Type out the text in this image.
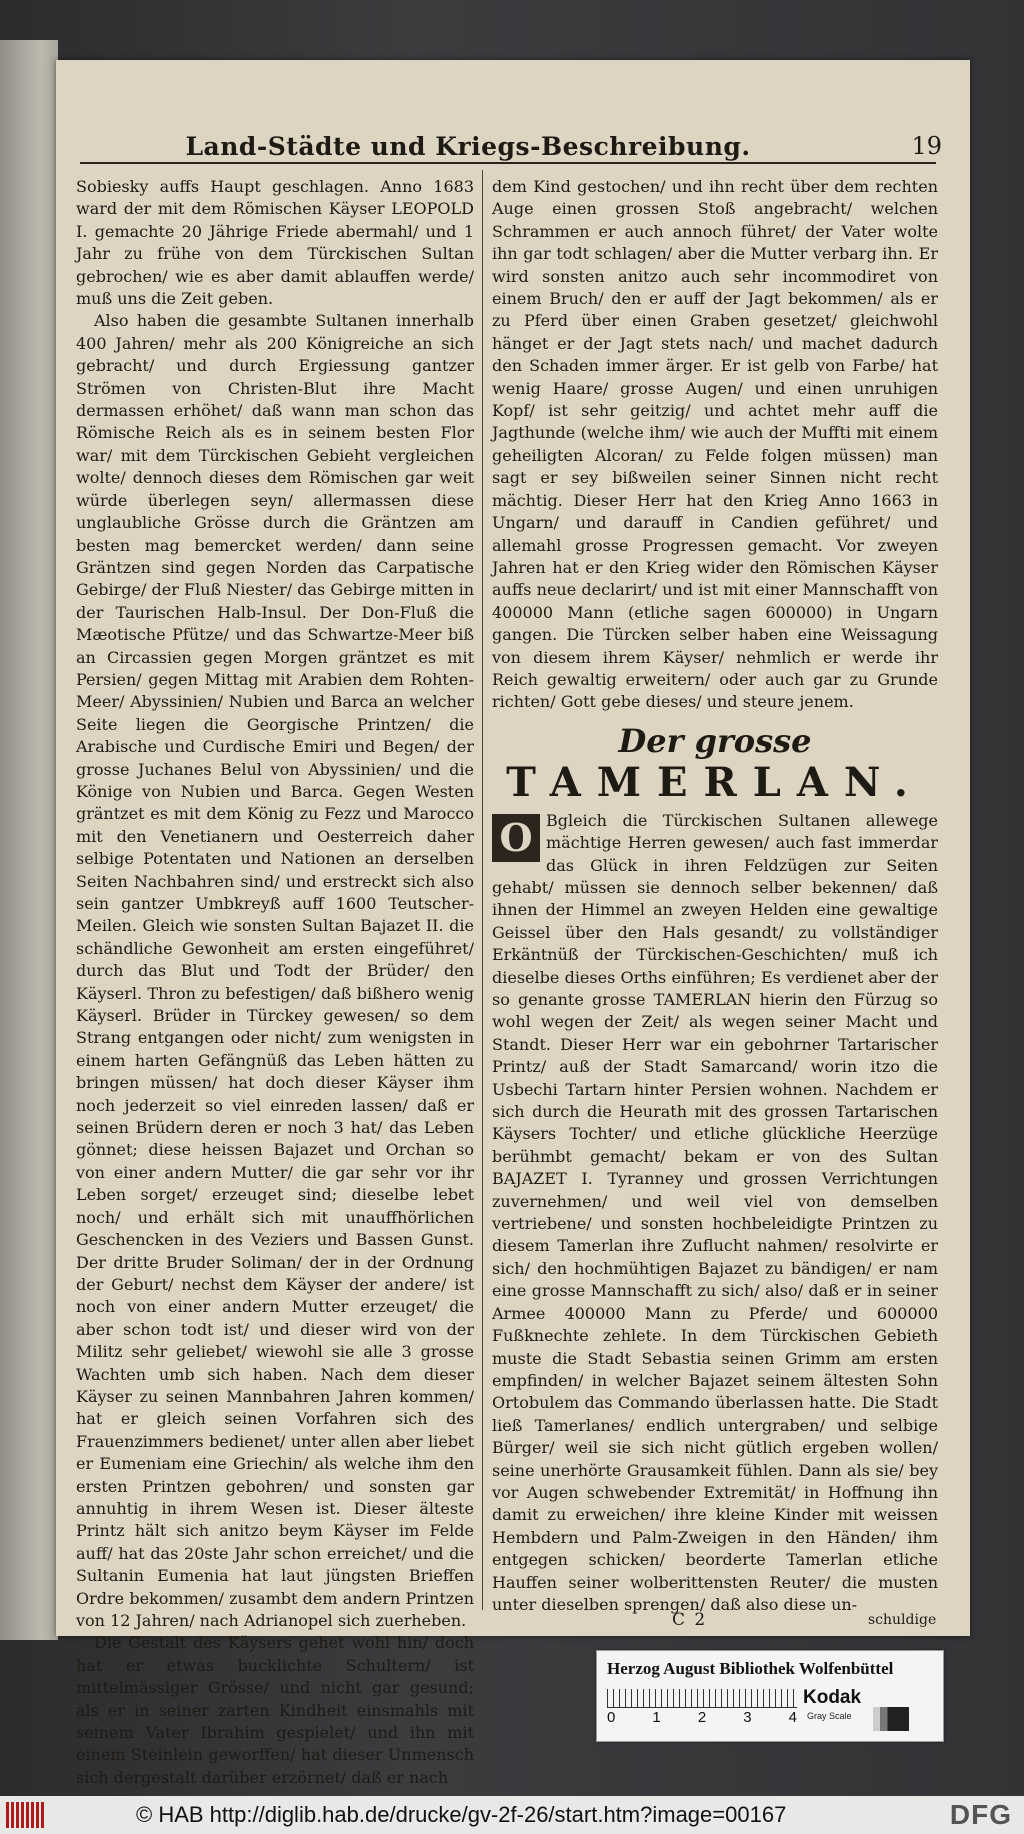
Land-Städte und Kriegs-Beschreibung.	19

Sobiesky auffs Haupt geschlagen. Anno 1683 ward der mit dem Römischen Käyser LEOPOLD I. gemachte 20 Jährige Friede abermahl/ und 1 Jahr zu frühe von dem Türckischen Sultan gebrochen/ wie es aber damit ablauffen werde/ muß uns die Zeit geben.

Also haben die gesambte Sultanen innerhalb 400 Jahren/ mehr als 200 Königreiche an sich gebracht/ und durch Ergiessung gantzer Strömen von Christen-Blut ihre Macht dermassen erhöhet/ daß wann man schon das Römische Reich als es in seinem besten Flor war/ mit dem Türckischen Gebieht vergleichen wolte/ dennoch dieses dem Römischen gar weit würde überlegen seyn/ allermassen diese unglaubliche Grösse durch die Gräntzen am besten mag bemercket werden/ dann seine Gräntzen sind gegen Norden das Carpatische Gebirge/ der Fluß Niester/ das Gebirge mitten in der Taurischen Halb-Insul. Der Don-Fluß die Mæotische Pfütze/ und das Schwartze-Meer biß an Circassien gegen Morgen gräntzet es mit Persien/ gegen Mittag mit Arabien dem Rohten-Meer/ Abyssinien/ Nubien und Barca an welcher Seite liegen die Georgische Printzen/ die Arabische und Curdische Emiri und Begen/ der grosse Juchanes Belul von Abyssinien/ und die Könige von Nubien und Barca. Gegen Westen gräntzet es mit dem König zu Fezz und Marocco mit den Venetianern und Oesterreich daher selbige Potentaten und Nationen an derselben Seiten Nachbahren sind/ und erstreckt sich also sein gantzer Umbkreyß auff 1600 Teutscher-Meilen. Gleich wie sonsten Sultan Bajazet II. die schändliche Gewonheit am ersten eingeführet/ durch das Blut und Todt der Brüder/ den Käyserl. Thron zu befestigen/ daß bißhero wenig Käyserl. Brüder in Türckey gewesen/ so dem Strang entgangen oder nicht/ zum wenigsten in einem harten Gefängnüß das Leben hätten zu bringen müssen/ hat doch dieser Käyser ihm noch jederzeit so viel einreden lassen/ daß er seinen Brüdern deren er noch 3 hat/ das Leben gönnet; diese heissen Bajazet und Orchan so von einer andern Mutter/ die gar sehr vor ihr Leben sorget/ erzeuget sind; dieselbe lebet noch/ und erhält sich mit unauffhörlichen Geschencken in des Veziers und Bassen Gunst. Der dritte Bruder Soliman/ der in der Ordnung der Geburt/ nechst dem Käyser der andere/ ist noch von einer andern Mutter erzeuget/ die aber schon todt ist/ und dieser wird von der Militz sehr geliebet/ wiewohl sie alle 3 grosse Wachten umb sich haben. Nach dem dieser Käyser zu seinen Mannbahren Jahren kommen/ hat er gleich seinen Vorfahren sich des Frauenzimmers bedienet/ unter allen aber liebet er Eumeniam eine Griechin/ als welche ihm den ersten Printzen gebohren/ und sonsten gar annuhtig in ihrem Wesen ist. Dieser älteste Printz hält sich anitzo beym Käyser im Felde auff/ hat das 20ste Jahr schon erreichet/ und die Sultanin Eumenia hat laut jüngsten Brieffen Ordre bekommen/ zusambt dem andern Printzen von 12 Jahren/ nach Adrianopel sich zuerheben.

Die Gestalt des Käysers gehet wohl hin/ doch hat er etwas bucklichte Schultern/ ist mittelmässiger Grösse/ und nicht gar gesund; als er in seiner zarten Kindheit einsmahls mit seinem Vater Ibrahim gespielet/ und ihn mit einem Steinlein geworffen/ hat dieser Unmensch sich dergestalt darüber erzörnet/ daß er nach

dem Kind gestochen/ und ihn recht über dem rechten Auge einen grossen Stoß angebracht/ welchen Schrammen er auch annoch führet/ der Vater wolte ihn gar todt schlagen/ aber die Mutter verbarg ihn. Er wird sonsten anitzo auch sehr incommodiret von einem Bruch/ den er auff der Jagt bekommen/ als er zu Pferd über einen Graben gesetzet/ gleichwohl hänget er der Jagt stets nach/ und machet dadurch den Schaden immer ärger. Er ist gelb von Farbe/ hat wenig Haare/ grosse Augen/ und einen unruhigen Kopf/ ist sehr geitzig/ und achtet mehr auff die Jagthunde (welche ihm/ wie auch der Muffti mit einem geheiligten Alcoran/ zu Felde folgen müssen) man sagt er sey bißweilen seiner Sinnen nicht recht mächtig. Dieser Herr hat den Krieg Anno 1663 in Ungarn/ und darauff in Candien geführet/ und allemahl grosse Progressen gemacht. Vor zweyen Jahren hat er den Krieg wider den Römischen Käyser auffs neue declarirt/ und ist mit einer Mannschafft von 400000 Mann (etliche sagen 600000) in Ungarn gangen. Die Türcken selber haben eine Weissagung von diesem ihrem Käyser/ nehmlich er werde ihr Reich gewaltig erweitern/ oder auch gar zu Grunde richten/ Gott gebe dieses/ und steure jenem.

Der grosse
TAMERLAN.

O Bgleich die Türckischen Sultanen allewege mächtige Herren gewesen/ auch fast immerdar das Glück in ihren Feldzügen zur Seiten gehabt/ müssen sie dennoch selber bekennen/ daß ihnen der Himmel an zweyen Helden eine gewaltige Geissel über den Hals gesandt/ zu vollständiger Erkäntnüß der Türckischen-Geschichten/ muß ich dieselbe dieses Orths einführen; Es verdienet aber der so genante grosse TAMERLAN hierin den Fürzug so wohl wegen der Zeit/ als wegen seiner Macht und Standt. Dieser Herr war ein gebohrner Tartarischer Printz/ auß der Stadt Samarcand/ worin itzo die Usbechi Tartarn hinter Persien wohnen. Nachdem er sich durch die Heurath mit des grossen Tartarischen Käysers Tochter/ und etliche glückliche Heerzüge berühmbt gemacht/ bekam er von des Sultan BAJAZET I. Tyranney und grossen Verrichtungen zuvernehmen/ und weil viel von demselben vertriebene/ und sonsten hochbeleidigte Printzen zu diesem Tamerlan ihre Zuflucht nahmen/ resolvirte er sich/ den hochmühtigen Bajazet zu bändigen/ er nam eine grosse Mannschafft zu sich/ also/ daß er in seiner Armee 400000 Mann zu Pferde/ und 600000 Fußknechte zehlete. In dem Türckischen Gebieth muste die Stadt Sebastia seinen Grimm am ersten empfinden/ in welcher Bajazet seinem ältesten Sohn Ortobulem das Commando überlassen hatte. Die Stadt ließ Tamerlanes/ endlich untergraben/ und selbige Bürger/ weil sie sich nicht gütlich ergeben wollen/ seine unerhörte Grausamkeit fühlen. Dann als sie/ bey vor Augen schwebender Extremität/ in Hoffnung ihn damit zu erweichen/ ihre kleine Kinder mit weissen Hembdern und Palm-Zweigen in den Händen/ ihm entgegen schicken/ beorderte Tamerlan etliche Hauffen seiner wolberittensten Reuter/ die musten unter dieselben sprengen/ daß also diese un-

C 2	schuldige
Herzog August Bibliothek Wolfenbüttel
0 1 2 3 4
Kodak
Gray Scale
© HAB http://diglib.hab.de/drucke/gv-2f-26/start.htm?image=00167	DFG
